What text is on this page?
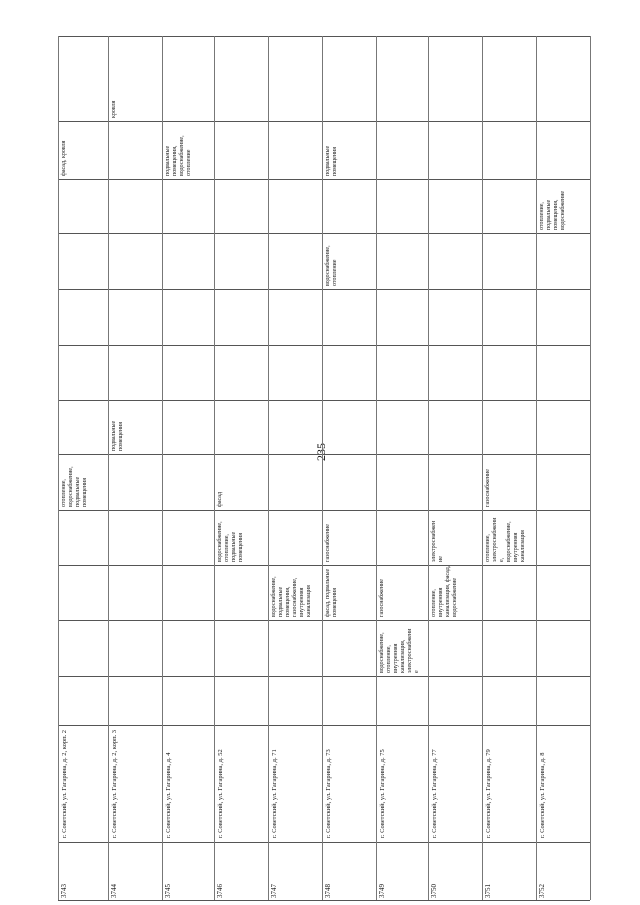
235
3743
г. Советский, ул. Гагарина, д. 2, корп. 2
отопление, водоснабжение, подвальные помещения
фасад, кровля
3744
г. Советский, ул. Гагарина, д. 2, корп. 3
подвальные помещения
кровля
3745
г. Советский, ул. Гагарина, д. 4
подвальные помещения, водоснабжение, отопление
3746
г. Советский, ул. Гагарина, д. 52
водоснабжение, отопление, подвальные помещения
фасад
3747
г. Советский, ул. Гагарина, д. 71
водоснабжение, подвальные помещения, газоснабжение, внутренняя канализация
3748
г. Советский, ул. Гагарина, д. 73
фасад, подвальные помещения
газоснабжение
водоснабжение, отопление
подвальные помещения
3749
г. Советский, ул. Гагарина, д. 75
водоснабжение, отопление, внутренняя канализация, электроснабжени е
газоснабжение
3750
г. Советский, ул. Гагарина, д. 77
отопление, внутренняя канализация, фасад, водоснабжение
электроснабжен ие
3751
г. Советский, ул. Гагарина, д. 79
отопление, электроснабжени е, водоснабжение, внутренняя канализация
газоснабжение
3752
г. Советский, ул. Гагарина, д. 8
отопление, подвальные помещения, водоснабжение
